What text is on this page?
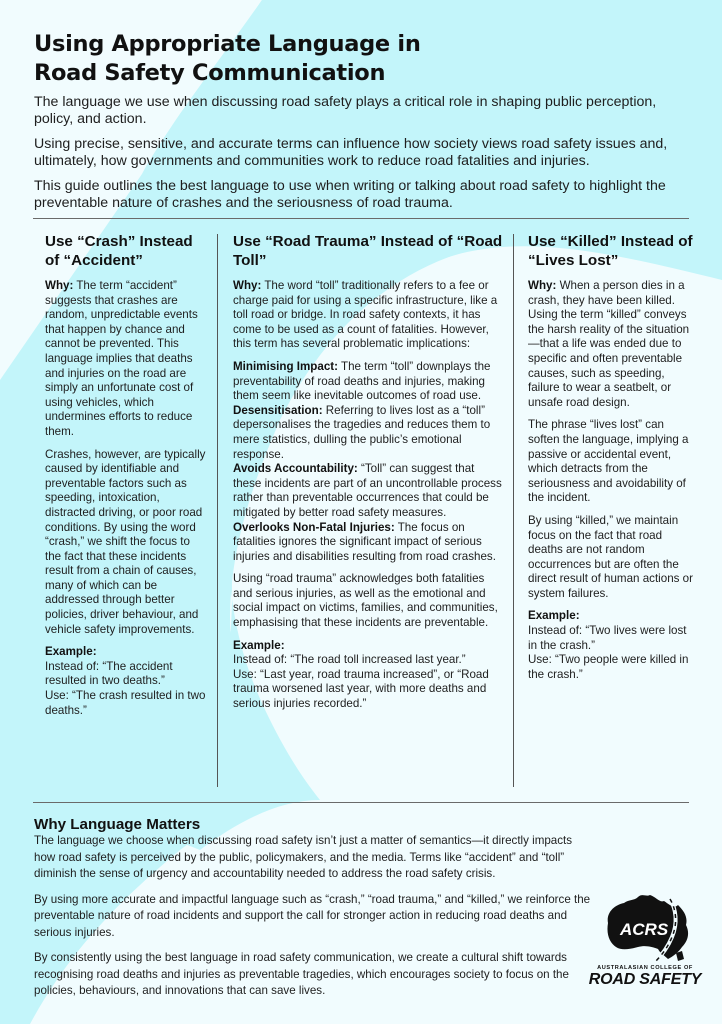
Using Appropriate Language in
Road Safety Communication

The language we use when discussing road safety plays a critical role in shaping public perception, policy, and action.

Using precise, sensitive, and accurate terms can influence how society views road safety issues and, ultimately, how governments and communities work to reduce road fatalities and injuries.

This guide outlines the best language to use when writing or talking about road safety to highlight the preventable nature of crashes and the seriousness of road trauma.

Use “Crash” Instead of “Accident”

Why: The term “accident” suggests that crashes are random, unpredictable events that happen by chance and cannot be prevented. This language implies that deaths and injuries on the road are simply an unfortunate cost of using vehicles, which undermines efforts to reduce them.

Crashes, however, are typically caused by identifiable and preventable factors such as speeding, intoxication, distracted driving, or poor road conditions. By using the word “crash,” we shift the focus to the fact that these incidents result from a chain of causes, many of which can be addressed through better policies, driver behaviour, and vehicle safety improvements.

Example:
Instead of: “The accident resulted in two deaths.”
Use: “The crash resulted in two deaths.”
Use “Road Trauma” Instead of “Road Toll”

Why: The word “toll” traditionally refers to a fee or charge paid for using a specific infrastructure, like a toll road or bridge. In road safety contexts, it has come to be used as a count of fatalities. However, this term has several problematic implications:

Minimising Impact: The term “toll” downplays the preventability of road deaths and injuries, making them seem like inevitable outcomes of road use.

Desensitisation: Referring to lives lost as a “toll” depersonalises the tragedies and reduces them to mere statistics, dulling the public’s emotional response.

Avoids Accountability: “Toll” can suggest that these incidents are part of an uncontrollable process rather than preventable occurrences that could be mitigated by better road safety measures.

Overlooks Non-Fatal Injuries: The focus on fatalities ignores the significant impact of serious injuries and disabilities resulting from road crashes.

Using “road trauma” acknowledges both fatalities and serious injuries, as well as the emotional and social impact on victims, families, and communities, emphasising that these incidents are preventable.

Example:
Instead of: “The road toll increased last year.”
Use: “Last year, road trauma increased”, or “Road trauma worsened last year, with more deaths and serious injuries recorded.”
Use “Killed” Instead of “Lives Lost”

Why: When a person dies in a crash, they have been killed. Using the term “killed” conveys the harsh reality of the situation—that a life was ended due to specific and often preventable causes, such as speeding, failure to wear a seatbelt, or unsafe road design.

The phrase “lives lost” can soften the language, implying a passive or accidental event, which detracts from the seriousness and avoidability of the incident.

By using “killed,” we maintain focus on the fact that road deaths are not random occurrences but are often the direct result of human actions or system failures.

Example:
Instead of: “Two lives were lost in the crash.”
Use: “Two people were killed in the crash.”
Why Language Matters

The language we choose when discussing road safety isn’t just a matter of semantics—it directly impacts how road safety is perceived by the public, policymakers, and the media. Terms like “accident” and “toll” diminish the sense of urgency and accountability needed to address the road safety crisis.

By using more accurate and impactful language such as “crash,” “road trauma,” and “killed,” we reinforce the preventable nature of road incidents and support the call for stronger action in reducing road deaths and serious injuries.

By consistently using the best language in road safety communication, we create a cultural shift towards recognising road deaths and injuries as preventable tragedies, which encourages society to focus on the policies, behaviours, and innovations that can save lives.

ACRS
AUSTRALASIAN COLLEGE OF
ROAD SAFETY
